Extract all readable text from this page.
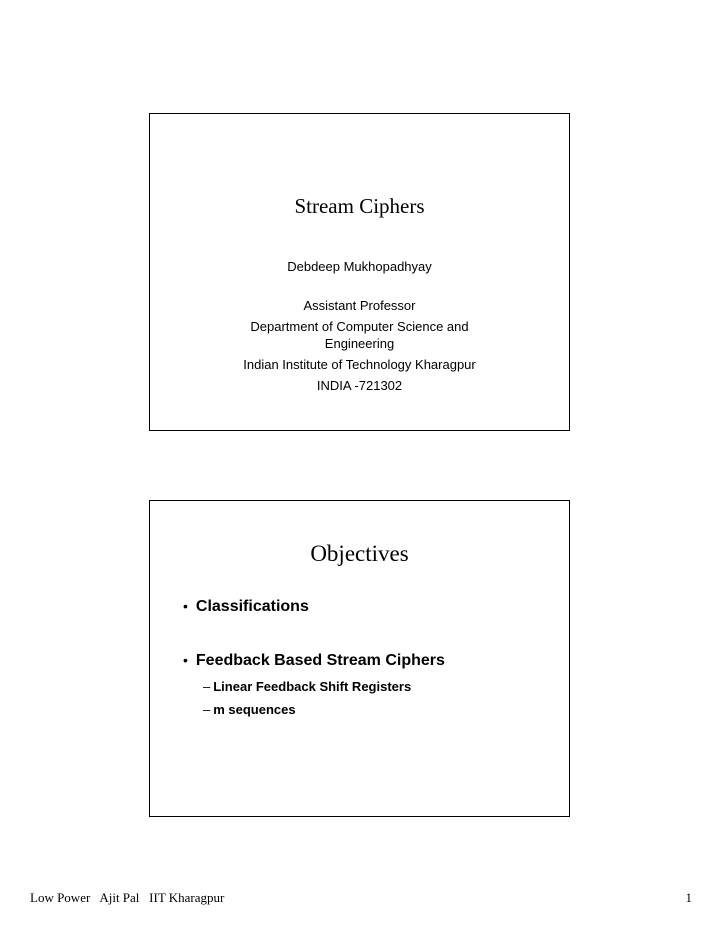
Stream Ciphers
Debdeep Mukhopadhyay
Assistant Professor
Department of Computer Science and
Engineering
Indian Institute of Technology Kharagpur
INDIA -721302
Objectives
• Classifications
• Feedback Based Stream Ciphers
– Linear Feedback Shift Registers
– m sequences
Low Power   Ajit Pal   IIT Kharagpur	1
